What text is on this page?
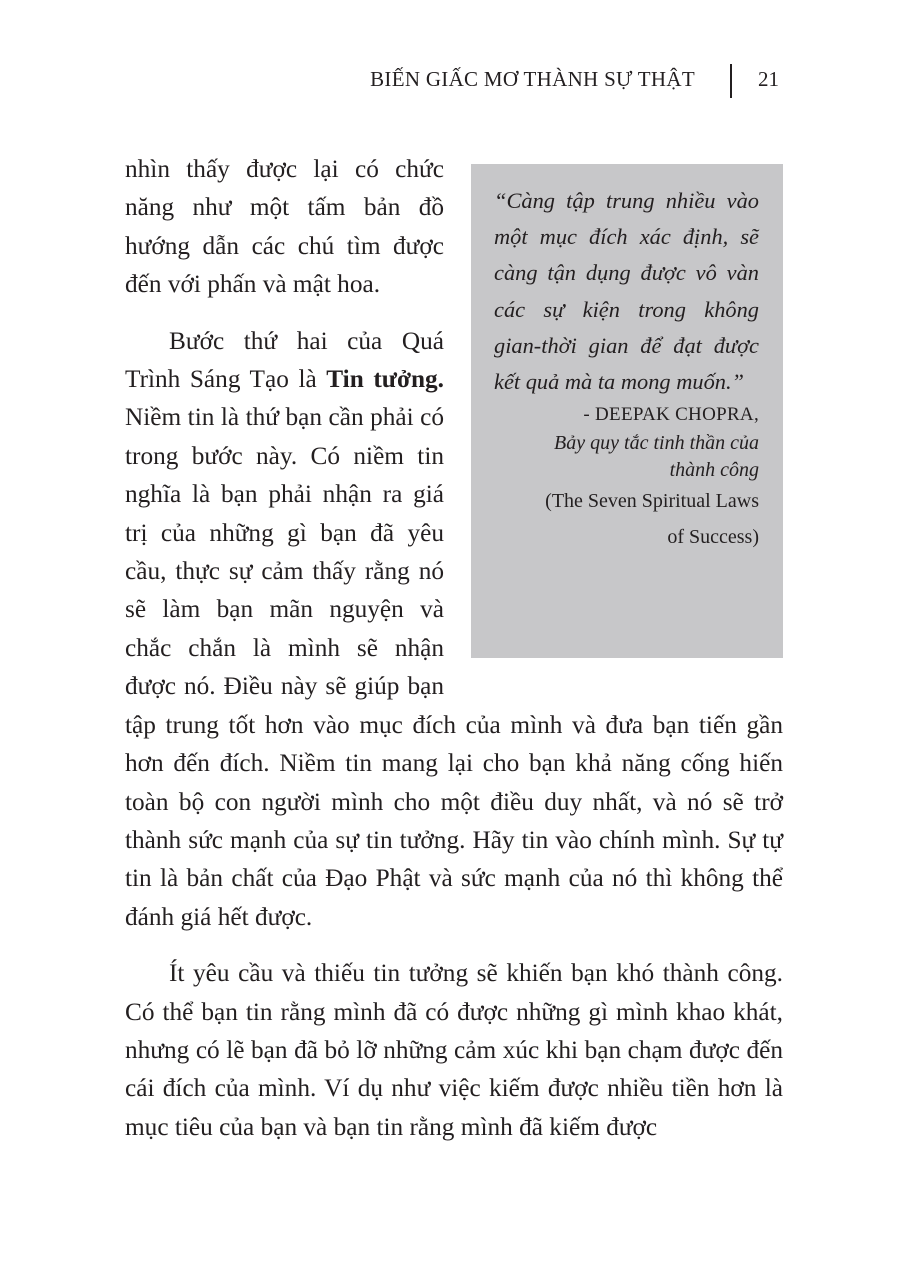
BIẾN GIẤC MƠ THÀNH SỰ THẬT	21

“Càng tập trung nhiều vào một mục đích xác định, sẽ càng tận dụng được vô vàn các sự kiện trong không gian-thời gian để đạt được kết quả mà ta mong muốn.”

- DEEPAK CHOPRA,

Bảy quy tắc tinh thần của
thành công

(The Seven Spiritual Laws
of Success)

nhìn thấy được lại có chức năng như một tấm bản đồ hướng dẫn các chú tìm được đến với phấn và mật hoa.

Bước thứ hai của Quá Trình Sáng Tạo là Tin tưởng. Niềm tin là thứ bạn cần phải có trong bước này. Có niềm tin nghĩa là bạn phải nhận ra giá trị của những gì bạn đã yêu cầu, thực sự cảm thấy rằng nó sẽ làm bạn mãn nguyện và chắc chắn là mình sẽ nhận được nó. Điều này sẽ giúp bạn tập trung tốt hơn vào mục đích của mình và đưa bạn tiến gần hơn đến đích. Niềm tin mang lại cho bạn khả năng cống hiến toàn bộ con người mình cho một điều duy nhất, và nó sẽ trở thành sức mạnh của sự tin tưởng. Hãy tin vào chính mình. Sự tự tin là bản chất của Đạo Phật và sức mạnh của nó thì không thể đánh giá hết được.

Ít yêu cầu và thiếu tin tưởng sẽ khiến bạn khó thành công. Có thể bạn tin rằng mình đã có được những gì mình khao khát, nhưng có lẽ bạn đã bỏ lỡ những cảm xúc khi bạn chạm được đến cái đích của mình. Ví dụ như việc kiếm được nhiều tiền hơn là mục tiêu của bạn và bạn tin rằng mình đã kiếm được
